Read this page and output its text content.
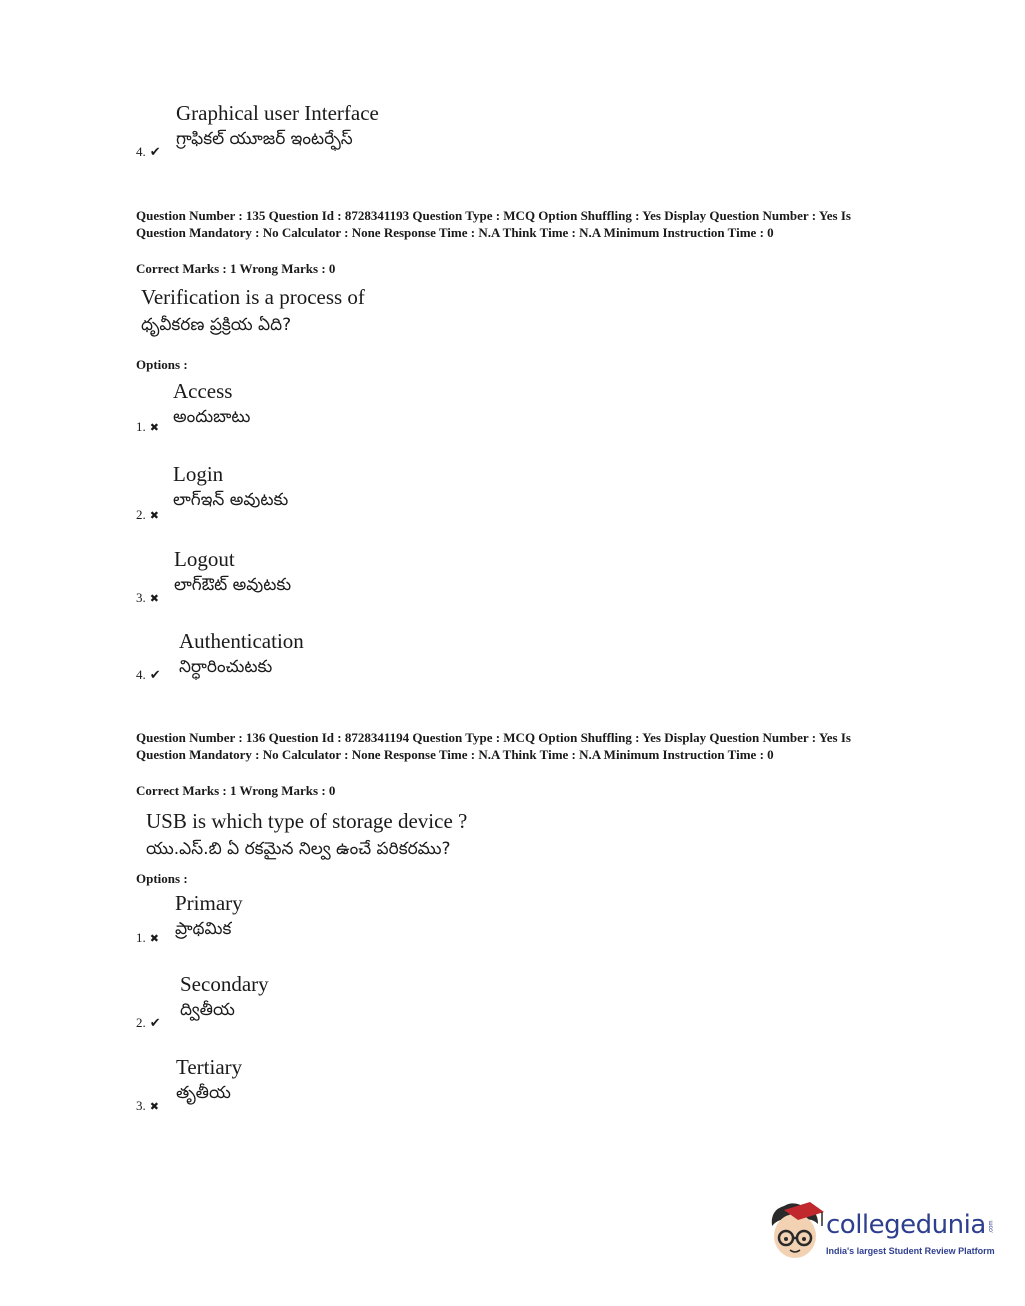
Graphical user Interface
గ్రాఫికల్ యూజర్ ఇంటర్ఫేస్
4. ✔
Question Number : 135 Question Id : 8728341193 Question Type : MCQ Option Shuffling : Yes Display Question Number : Yes Is Question Mandatory : No Calculator : None Response Time : N.A Think Time : N.A Minimum Instruction Time : 0
Correct Marks : 1 Wrong Marks : 0
Verification is a process of
ధృవీకరణ ప్రక్రియ ఏది?
Options :
Access
అందుబాటు
1. ✖
Login
లాగ్ఇన్ అవుటకు
2. ✖
Logout
లాగ్ఔట్ అవుటకు
3. ✖
Authentication
నిర్ధారించుటకు
4. ✔
Question Number : 136 Question Id : 8728341194 Question Type : MCQ Option Shuffling : Yes Display Question Number : Yes Is Question Mandatory : No Calculator : None Response Time : N.A Think Time : N.A Minimum Instruction Time : 0
Correct Marks : 1 Wrong Marks : 0
USB is which type of storage device ?
యు.ఎస్.బి ఏ రకమైన నిల్వ ఉంచే పరికరము?
Options :
Primary
ప్రాథమిక
1. ✖
Secondary
ద్వితీయ
2. ✔
Tertiary
తృతీయ
3. ✖
collegedunia .com
India's largest Student Review Platform
